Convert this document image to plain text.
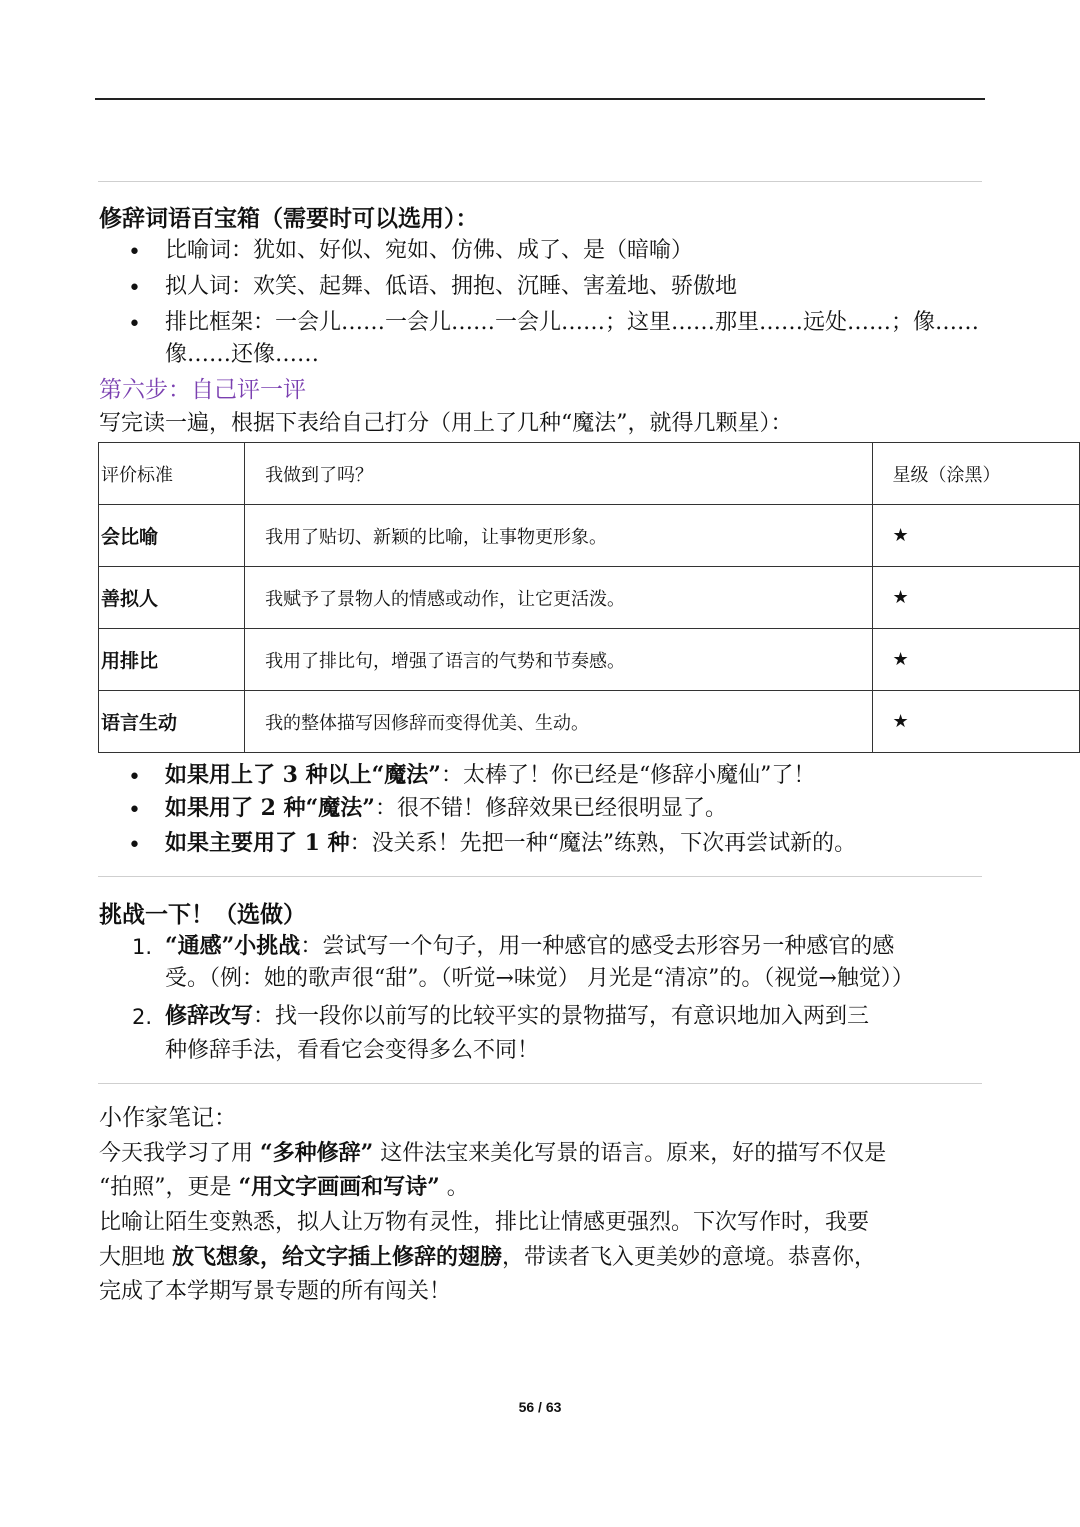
修辞词语百宝箱（需要时可以选用）：
• 比喻词：犹如、好似、宛如、仿佛、成了、是（暗喻）
• 拟人词：欢笑、起舞、低语、拥抱、沉睡、害羞地、骄傲地
• 排比框架：一会儿……一会儿……一会儿……；这里……那里……远处……；像……
像……还像……
第六步：自己评一评
写完读一遍，根据下表给自己打分（用上了几种“魔法”，就得几颗星）：
评价标准	我做到了吗？	星级（涂黑）
会比喻	我用了贴切、新颖的比喻，让事物更形象。	★
善拟人	我赋予了景物人的情感或动作，让它更活泼。	★
用排比	我用了排比句，增强了语言的气势和节奏感。	★
语言生动	我的整体描写因修辞而变得优美、生动。	★
• 如果用上了 3 种以上“魔法”：太棒了！你已经是“修辞小魔仙”了！
• 如果用了 2 种“魔法”：很不错！修辞效果已经很明显了。
• 如果主要用了 1 种：没关系！先把一种“魔法”练熟，下次再尝试新的。
挑战一下！（选做）
1. “通感”小挑战：尝试写一个句子，用一种感官的感受去形容另一种感官的感
受。（例：她的歌声很“甜”。（听觉→味觉） 月光是“清凉”的。（视觉→触觉））
2. 修辞改写：找一段你以前写的比较平实的景物描写，有意识地加入两到三
种修辞手法，看看它会变得多么不同！
小作家笔记：
今天我学习了用 “多种修辞” 这件法宝来美化写景的语言。原来，好的描写不仅是
“拍照”，更是 “用文字画画和写诗” 。
比喻让陌生变熟悉，拟人让万物有灵性，排比让情感更强烈。下次写作时，我要
大胆地 放飞想象，给文字插上修辞的翅膀，带读者飞入更美妙的意境。恭喜你，
完成了本学期写景专题的所有闯关！
56 / 63
